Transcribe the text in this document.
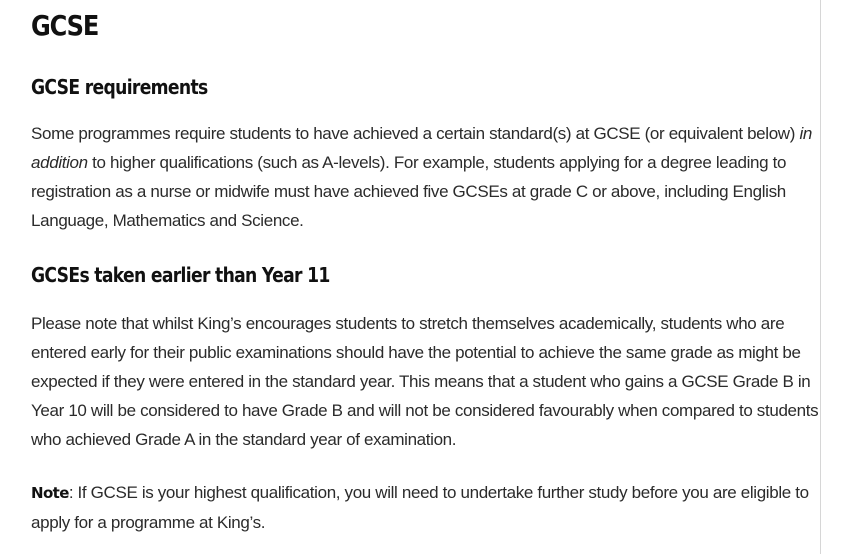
GCSE
GCSE requirements

Some programmes require students to have achieved a certain standard(s) at GCSE (or equivalent below) in addition to higher qualifications (such as A-levels). For example, students applying for a degree leading to registration as a nurse or midwife must have achieved five GCSEs at grade C or above, including English Language, Mathematics and Science.

GCSEs taken earlier than Year 11

Please note that whilst King’s encourages students to stretch themselves academically, students who are entered early for their public examinations should have the potential to achieve the same grade as might be expected if they were entered in the standard year. This means that a student who gains a GCSE Grade B in Year 10 will be considered to have Grade B and will not be considered favourably when compared to students who achieved Grade A in the standard year of examination.

Note: If GCSE is your highest qualification, you will need to undertake further study before you are eligible to apply for a programme at King’s.
